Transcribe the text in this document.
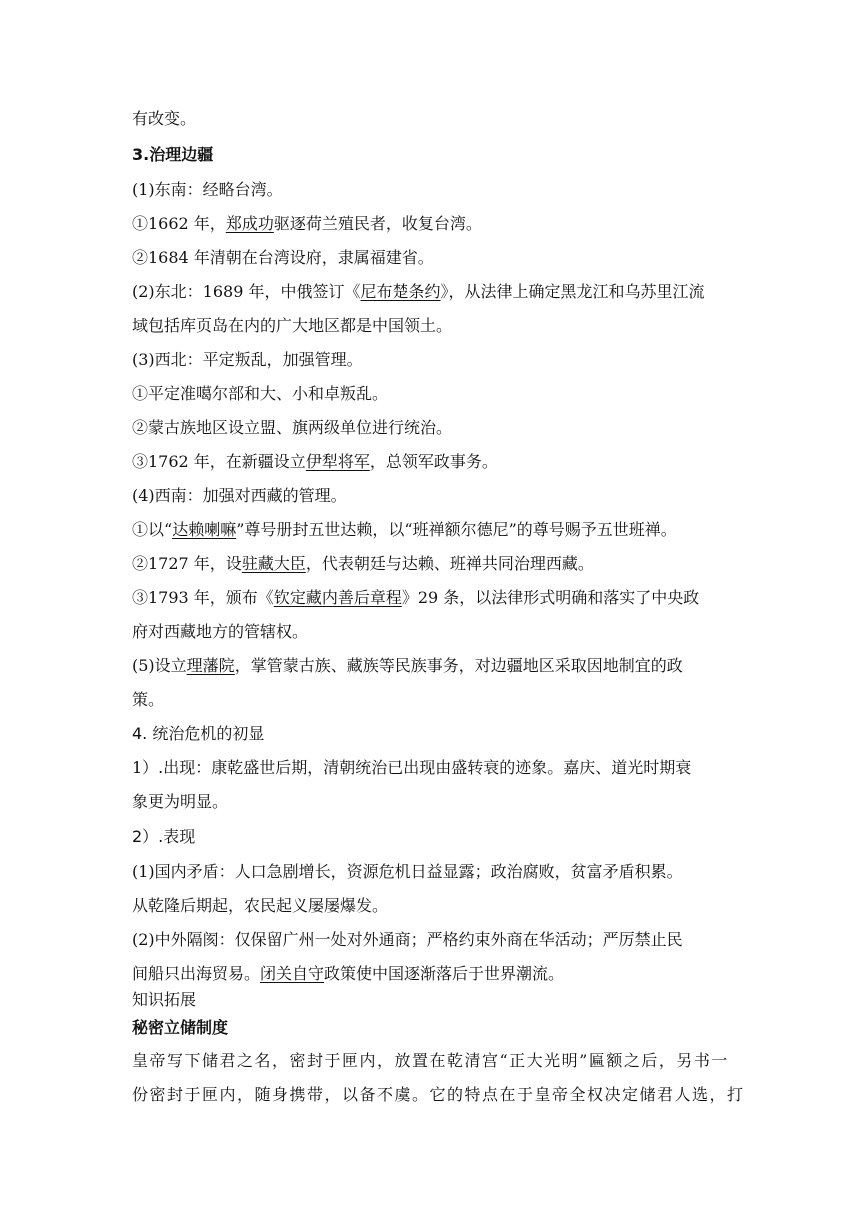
有改变。
3.治理边疆
(1)东南：经略台湾。
①1662 年，郑成功驱逐荷兰殖民者，收复台湾。
②1684 年清朝在台湾设府，隶属福建省。
(2)东北：1689 年，中俄签订《尼布楚条约》，从法律上确定黑龙江和乌苏里江流
域包括库页岛在内的广大地区都是中国领土。
(3)西北：平定叛乱，加强管理。
①平定准噶尔部和大、小和卓叛乱。
②蒙古族地区设立盟、旗两级单位进行统治。
③1762 年，在新疆设立伊犁将军，总领军政事务。
(4)西南：加强对西藏的管理。
①以“达赖喇嘛”尊号册封五世达赖，以“班禅额尔德尼”的尊号赐予五世班禅。
②1727 年，设驻藏大臣，代表朝廷与达赖、班禅共同治理西藏。
③1793 年，颁布《钦定藏内善后章程》29 条，以法律形式明确和落实了中央政
府对西藏地方的管辖权。
(5)设立理藩院，掌管蒙古族、藏族等民族事务，对边疆地区采取因地制宜的政
策。
4. 统治危机的初显
1）.出现：康乾盛世后期，清朝统治已出现由盛转衰的迹象。嘉庆、道光时期衰
象更为明显。
2）.表现
(1)国内矛盾：人口急剧增长，资源危机日益显露；政治腐败，贫富矛盾积累。
从乾隆后期起，农民起义屡屡爆发。
(2)中外隔阂：仅保留广州一处对外通商；严格约束外商在华活动；严厉禁止民
间船只出海贸易。闭关自守政策使中国逐渐落后于世界潮流。
知识拓展
秘密立储制度
皇帝写下储君之名，密封于匣内，放置在乾清宫“正大光明”匾额之后，另书一
份密封于匣内，随身携带，以备不虞。它的特点在于皇帝全权决定储君人选，打
